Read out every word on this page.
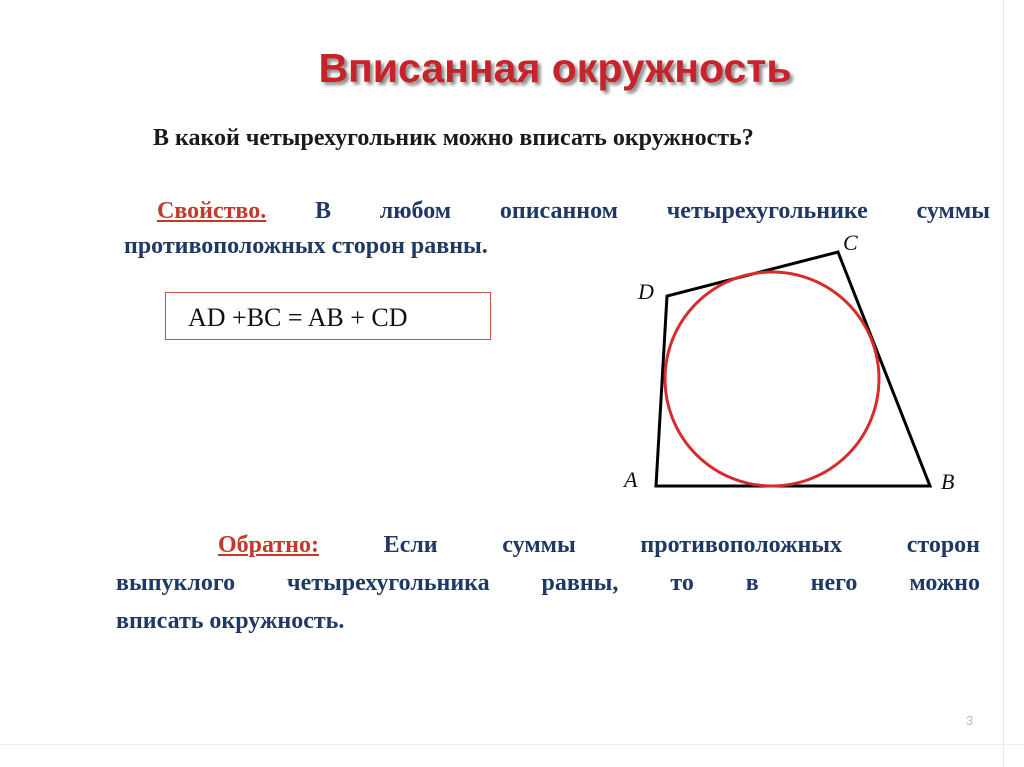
Вписанная окружность
В какой четырехугольник можно вписать окружность?
Свойство. В любом описанном четырехугольнике суммы
противоположных сторон равны.
AD +BC = AB + CD
A	B
C
D
Обратно: Если суммы противоположных сторон
выпуклого четырехугольника равны, то в него можно
вписать окружность.
3
